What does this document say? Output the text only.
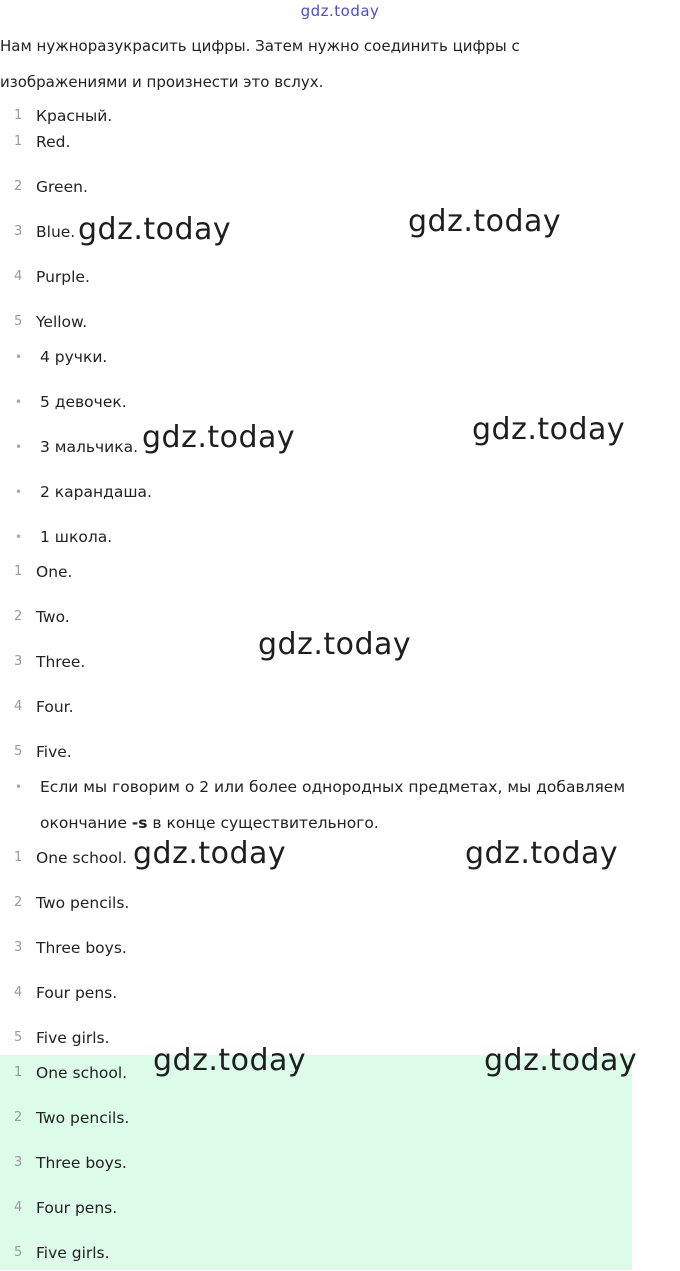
gdz.today
Нам нужноразукрасить цифры. Затем нужно соединить цифры с изображениями и произнести это вслух.
1 Красный.
1 Red.
2 Green.
3 Blue.
4 Purple.
5 Yellow.
•	4 ручки.
•	5 девочек.
•	3 мальчика.
•	2 карандаша.
•	1 школа.
1 One.
2 Two.
3 Three.
4 Four.
5 Five.
•	Если мы говорим о 2 или более однородных предметах, мы добавляем окончание -s в конце существительного.
1 One school.
2 Two pencils.
3 Three boys.
4 Four pens.
5 Five girls.
1 One school.
2 Two pencils.
3 Three boys.
4 Four pens.
5 Five girls.
gdz.today	gdz.today
gdz.today	gdz.today
gdz.today
gdz.today	gdz.today
gdz.today	gdz.today
